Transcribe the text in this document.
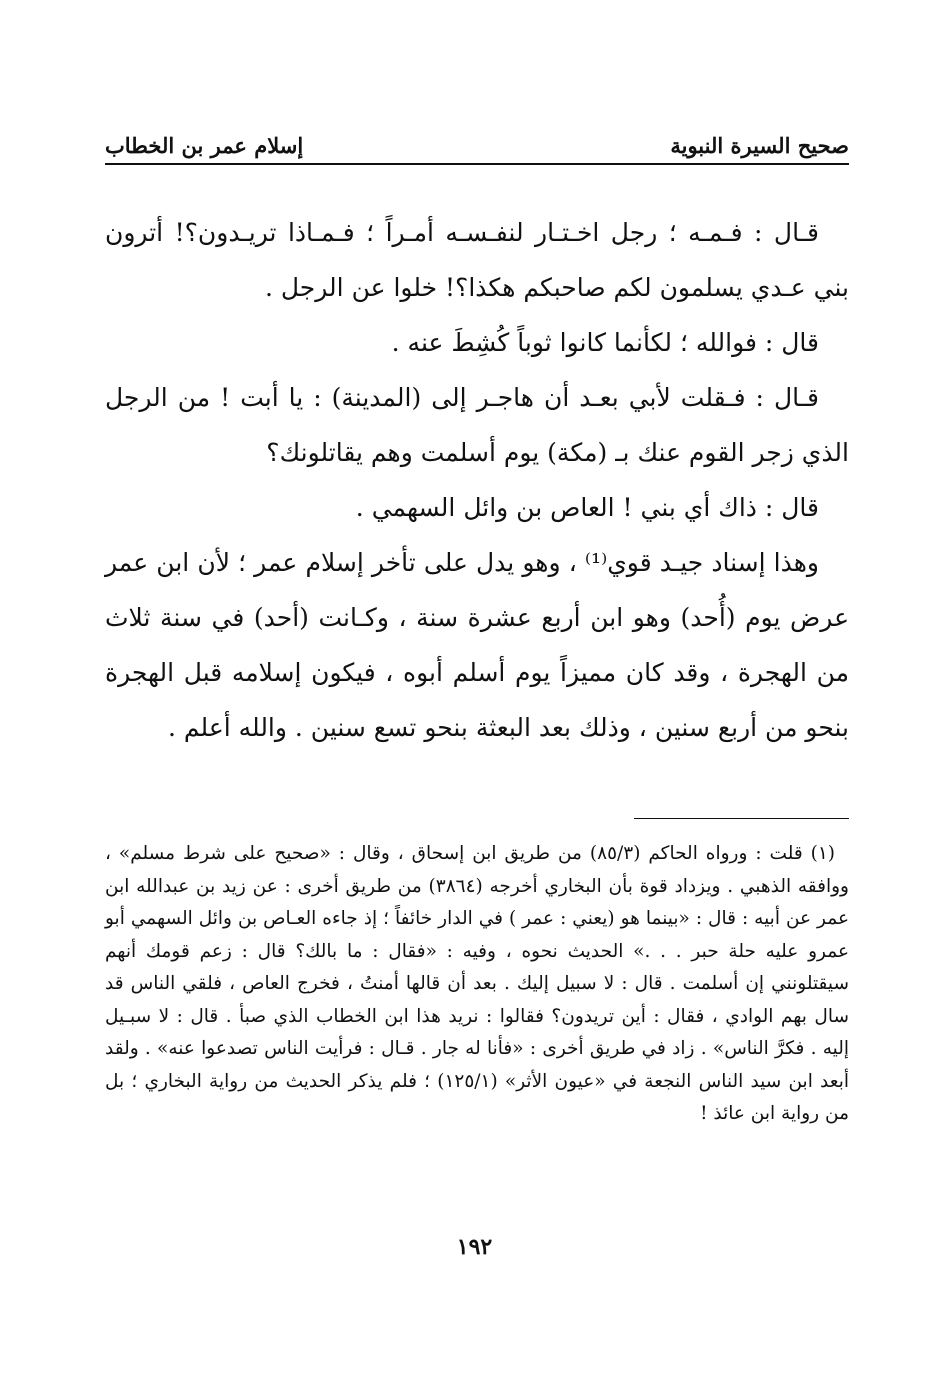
صحيح السيرة النبوية
إسلام عمر بن الخطاب

قـال : فـمـه ؛ رجل اخـتـار لنفـسـه أمـراً ؛ فـمـاذا تريـدون؟! أترون بني عـدي يسلمون لكم صاحبكم هكذا؟! خلوا عن الرجل .

قال : فوالله ؛ لكأنما كانوا ثوباً كُشِطَ عنه .

قـال : فـقلت لأبي بعـد أن هاجـر إلى (المدينة) : يا أبت ! من الرجل الذي زجر القوم عنك بـ (مكة) يوم أسلمت وهم يقاتلونك؟

قال : ذاك أي بني ! العاص بن وائل السهمي .

وهذا إسناد جيـد قوي⁽¹⁾ ، وهو يدل على تأخر إسلام عمر ؛ لأن ابن عمر عرض يوم (أُحد) وهو ابن أربع عشرة سنة ، وكـانت (أحد) في سنة ثلاث من الهجرة ، وقد كان مميزاً يوم أسلم أبوه ، فيكون إسلامه قبل الهجرة بنحو من أربع سنين ، وذلك بعد البعثة بنحو تسع سنين . والله أعلم .

(١) قلت : ورواه الحاكم (٨٥/٣) من طريق ابن إسحاق ، وقال : «صحيح على شرط مسلم» ، ووافقه الذهبي . ويزداد قوة بأن البخاري أخرجه (٣٨٦٤) من طريق أخرى : عن زيد بن عبدالله ابن عمر عن أبيه : قال : «بينما هو (يعني : عمر ) في الدار خائفاً ؛ إذ جاءه العـاص بن وائل السهمي أبو عمرو عليه حلة حبر . . .» الحديث نحوه ، وفيه : «فقال : ما بالك؟ قال : زعم قومك أنهم سيقتلونني إن أسلمت . قال : لا سبيل إليك . بعد أن قالها أمنتُ ، فخرج العاص ، فلقي الناس قد سال بهم الوادي ، فقال : أين تريدون؟ فقالوا : نريد هذا ابن الخطاب الذي صبأ . قال : لا سبـيل إليه . فكرَّ الناس» . زاد في طريق أخرى : «فأنا له جار . قـال : فرأيت الناس تصدعوا عنه» . ولقد أبعد ابن سيد الناس النجعة في «عيون الأثر» (١٢٥/١) ؛ فلم يذكر الحديث من رواية البخاري ؛ بل من رواية ابن عائذ !

١٩٢
